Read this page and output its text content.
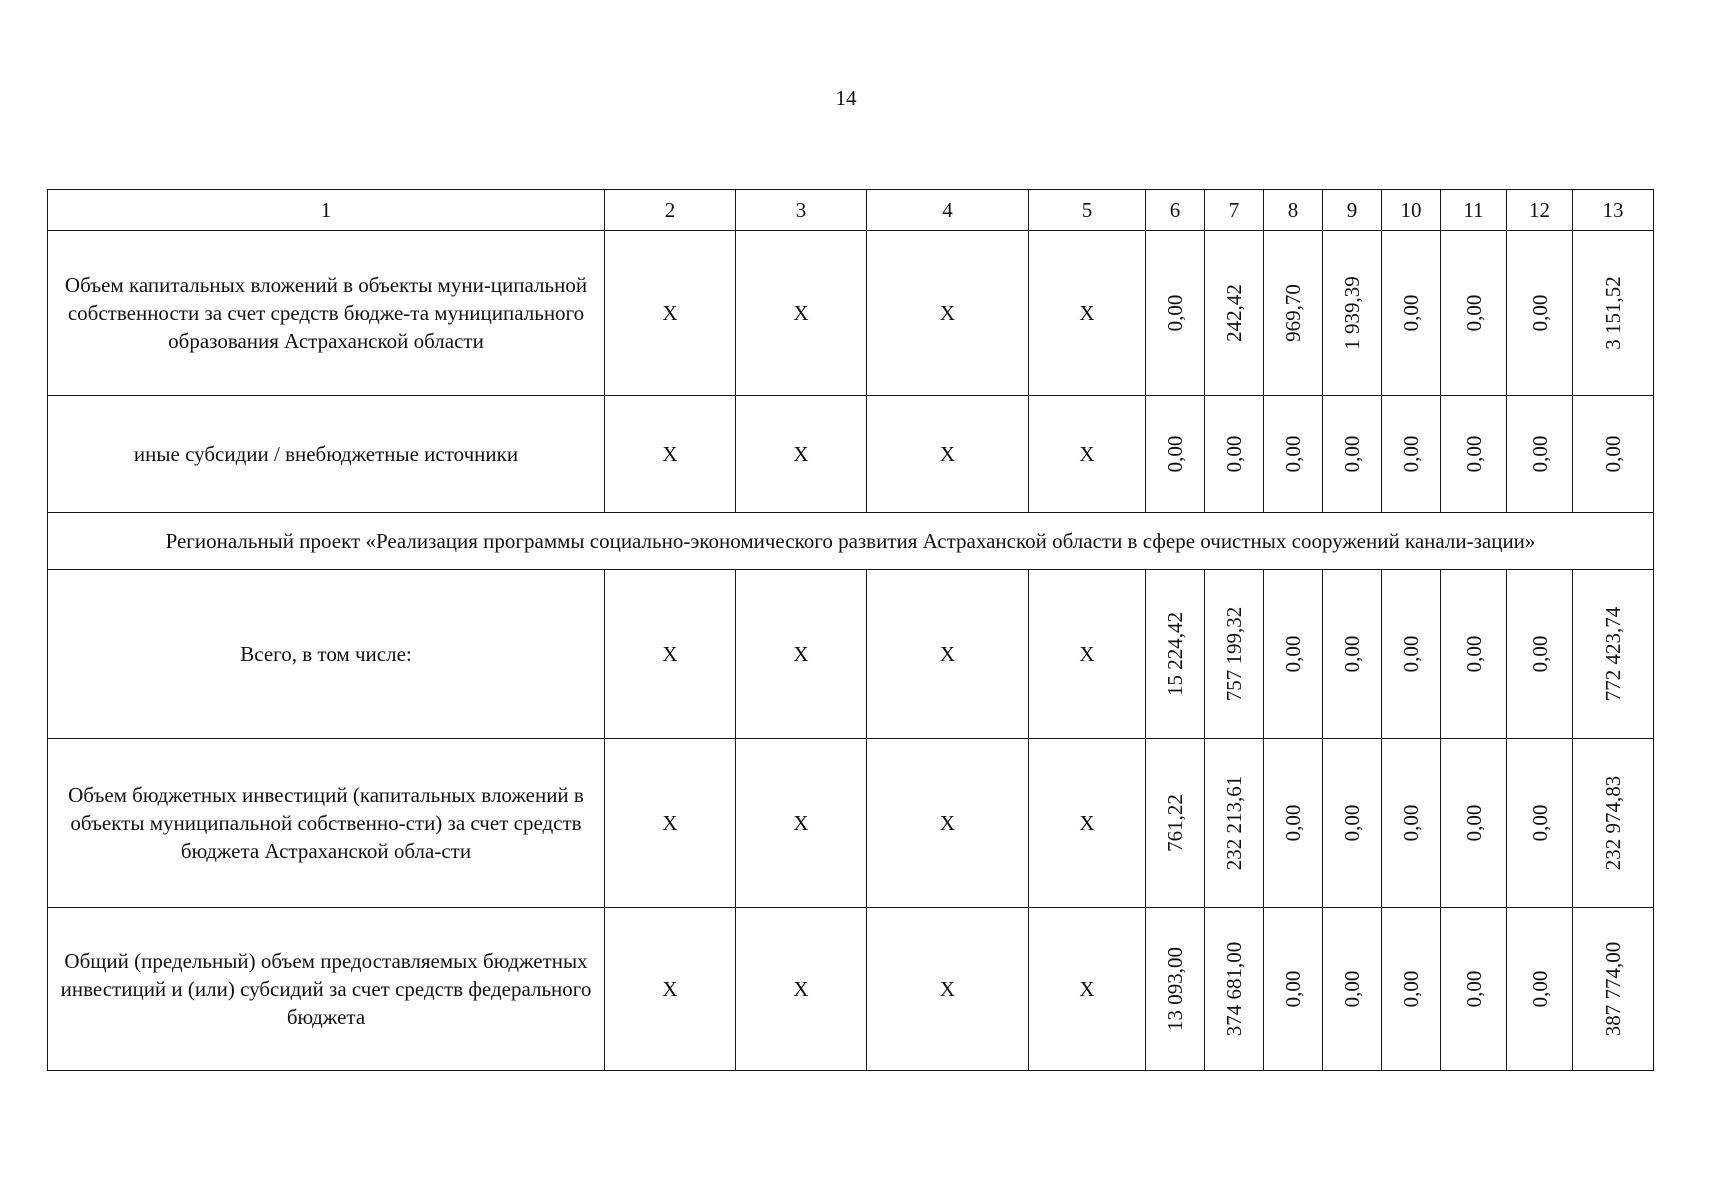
14
1	2	3	4	5	6	7	8	9	10	11	12	13
Объем капитальных вложений в объекты муни-ципальной собственности за счет средств бюдже-та муниципального образования Астраханской области	X	X	X	X	0,00	242,42	969,70	1 939,39	0,00	0,00	0,00	3 151,52

иные субсидии / внебюджетные источники	X	X	X	X	0,00	0,00	0,00	0,00	0,00	0,00	0,00	0,00

Региональный проект «Реализация программы социально-экономического развития Астраханской области в сфере очистных сооружений канали-зации»												
Всего, в том числе:	X	X	X	X	15 224,42	757 199,32	0,00	0,00	0,00	0,00	0,00	772 423,74

Объем бюджетных инвестиций (капитальных вложений в объекты муниципальной собственно-сти) за счет средств бюджета Астраханской обла-сти	X	X	X	X	761,22	232 213,61	0,00	0,00	0,00	0,00	0,00	232 974,83

Общий (предельный) объем предоставляемых бюджетных инвестиций и (или) субсидий за счет средств федерального бюджета	X	X	X	X	13 093,00	374 681,00	0,00	0,00	0,00	0,00	0,00	387 774,00
